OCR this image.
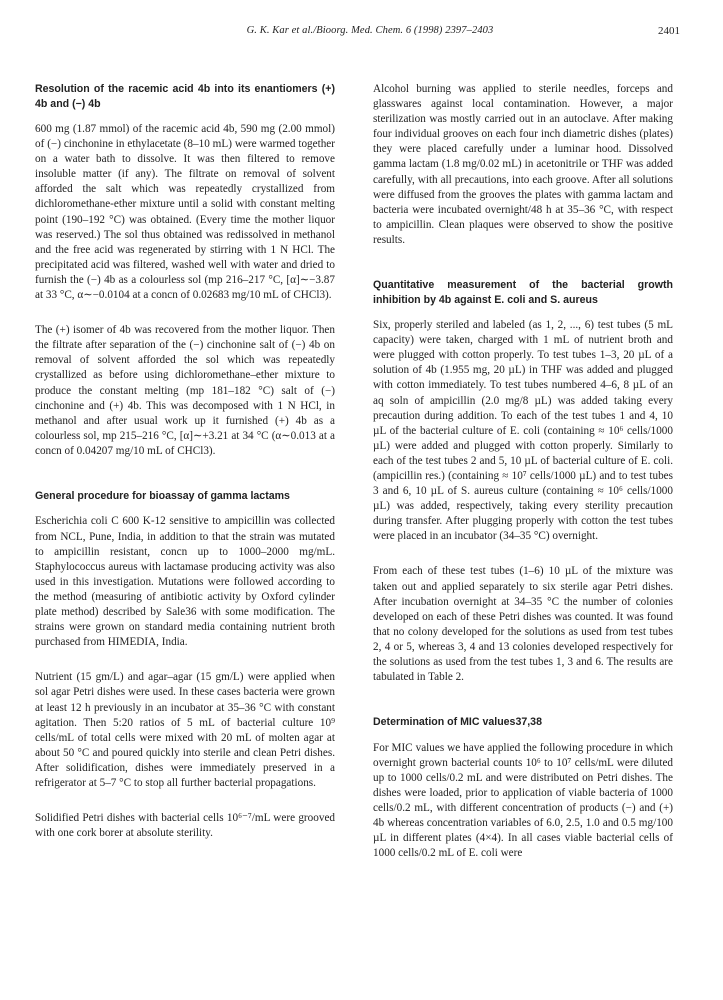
G. K. Kar et al./Bioorg. Med. Chem. 6 (1998) 2397–2403	2401
Resolution of the racemic acid 4b into its enantiomers (+) 4b and (−) 4b

600 mg (1.87 mmol) of the racemic acid 4b, 590 mg (2.00 mmol) of (−) cinchonine in ethylacetate (8–10 mL) were warmed together on a water bath to dissolve. It was then filtered to remove insoluble matter (if any). The filtrate on removal of solvent afforded the salt which was repeatedly crystallized from dichloromethane-ether mixture until a solid with constant melting point (190–192 °C) was obtained. (Every time the mother liquor was reserved.) The sol thus obtained was redissolved in methanol and the free acid was regenerated by stirring with 1 N HCl. The precipitated acid was filtered, washed well with water and dried to furnish the (−) 4b as a colourless sol (mp 216–217 °C, [α]∼−3.87 at 33 °C, α∼−0.0104 at a concn of 0.02683 mg/10 mL of CHCl3).

The (+) isomer of 4b was recovered from the mother liquor. Then the filtrate after separation of the (−) cinchonine salt of (−) 4b on removal of solvent afforded the sol which was repeatedly crystallized as before using dichloromethane–ether mixture to produce the constant melting (mp 181–182 °C) salt of (−) cinchonine and (+) 4b. This was decomposed with 1 N HCl, in methanol and after usual work up it furnished (+) 4b as a colourless sol, mp 215–216 °C, [α]∼+3.21 at 34 °C (α∼0.013 at a concn of 0.04207 mg/10 mL of CHCl3).

General procedure for bioassay of gamma lactams

Escherichia coli C 600 K-12 sensitive to ampicillin was collected from NCL, Pune, India, in addition to that the strain was mutated to ampicillin resistant, concn up to 1000–2000 mg/mL. Staphylococcus aureus with lactamase producing activity was also used in this investigation. Mutations were followed according to the method (measuring of antibiotic activity by Oxford cylinder plate method) described by Sale36 with some modification. The strains were grown on standard media containing nutrient broth purchased from HIMEDIA, India.

Nutrient (15 gm/L) and agar–agar (15 gm/L) were applied when sol agar Petri dishes were used. In these cases bacteria were grown at least 12 h previously in an incubator at 35–36 °C with constant agitation. Then 5:20 ratios of 5 mL of bacterial culture 10⁹ cells/mL of total cells were mixed with 20 mL of molten agar at about 50 °C and poured quickly into sterile and clean Petri dishes. After solidification, dishes were immediately preserved in a refrigerator at 5–7 °C to stop all further bacterial propagations.

Solidified Petri dishes with bacterial cells 10⁶⁻⁷/mL were grooved with one cork borer at absolute sterility.

Alcohol burning was applied to sterile needles, forceps and glasswares against local contamination. However, a major sterilization was mostly carried out in an autoclave. After making four individual grooves on each four inch diametric dishes (plates) they were placed carefully under a luminar hood. Dissolved gamma lactam (1.8 mg/0.02 mL) in acetonitrile or THF was added carefully, with all precautions, into each groove. After all solutions were diffused from the grooves the plates with gamma lactam and bacteria were incubated overnight/48 h at 35–36 °C, with respect to ampicillin. Clean plaques were observed to show the positive results.

Quantitative measurement of the bacterial growth inhibition by 4b against E. coli and S. aureus

Six, properly steriled and labeled (as 1, 2, ..., 6) test tubes (5 mL capacity) were taken, charged with 1 mL of nutrient broth and were plugged with cotton properly. To test tubes 1–3, 20 µL of a solution of 4b (1.955 mg, 20 µL) in THF was added and plugged with cotton immediately. To test tubes numbered 4–6, 8 µL of an aq soln of ampicillin (2.0 mg/8 µL) was added taking every precaution during addition. To each of the test tubes 1 and 4, 10 µL of the bacterial culture of E. coli (containing ≈ 10⁶ cells/1000 µL) were added and plugged with cotton properly. Similarly to each of the test tubes 2 and 5, 10 µL of bacterial culture of E. coli. (ampicillin res.) (containing ≈ 10⁷ cells/1000 µL) and to test tubes 3 and 6, 10 µL of S. aureus culture (containing ≈ 10⁶ cells/1000 µL) was added, respectively, taking every sterility precaution during transfer. After plugging properly with cotton the test tubes were placed in an incubator (34–35 °C) overnight.

From each of these test tubes (1–6) 10 µL of the mixture was taken out and applied separately to six sterile agar Petri dishes. After incubation overnight at 34–35 °C the number of colonies developed on each of these Petri dishes was counted. It was found that no colony developed for the solutions as used from test tubes 2, 4 or 5, whereas 3, 4 and 13 colonies developed respectively for the solutions as used from the test tubes 1, 3 and 6. The results are tabulated in Table 2.

Determination of MIC values37,38

For MIC values we have applied the following procedure in which overnight grown bacterial counts 10⁶ to 10⁷ cells/mL were diluted up to 1000 cells/0.2 mL and were distributed on Petri dishes. The dishes were loaded, prior to application of viable bacteria of 1000 cells/0.2 mL, with different concentration of products (−) and (+) 4b whereas concentration variables of 6.0, 2.5, 1.0 and 0.5 mg/100 µL in different plates (4×4). In all cases viable bacterial cells of 1000 cells/0.2 mL of E. coli were
